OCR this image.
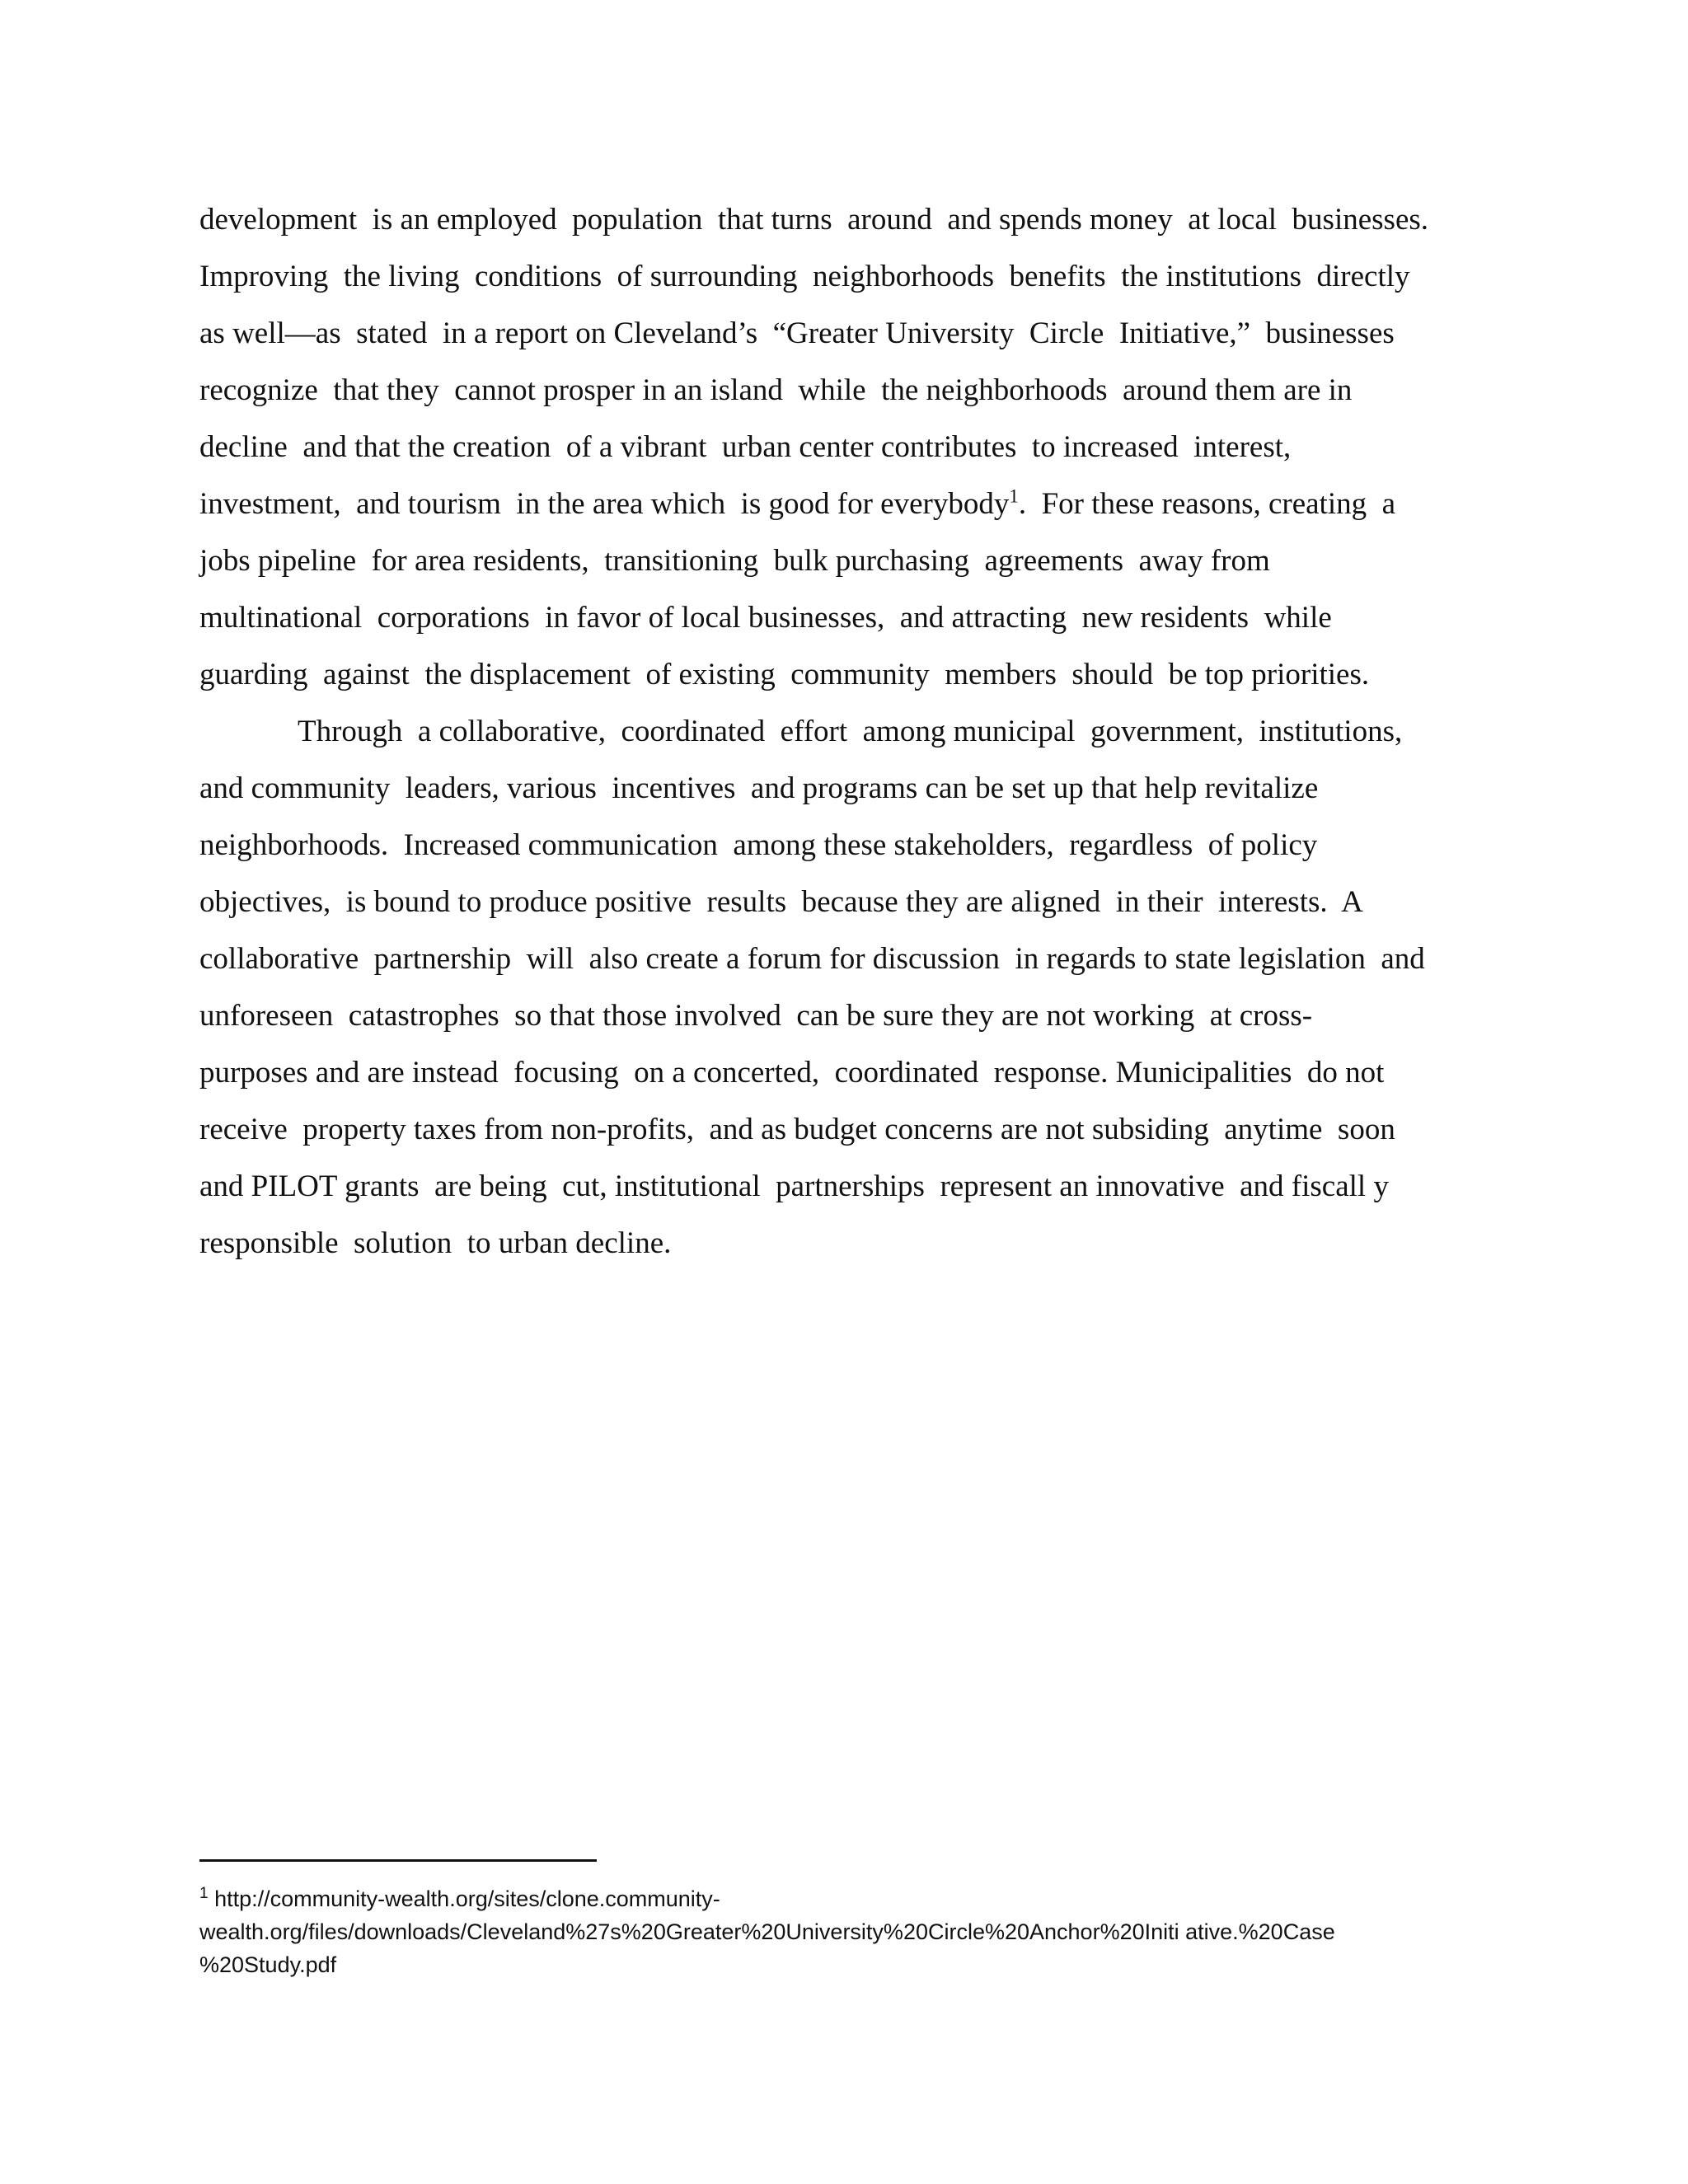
development  is an employed  population  that turns  around  and spends money  at local  businesses.
Improving  the living  conditions  of surrounding  neighborhoods  benefits  the institutions  directly
as well—as  stated  in a report on Cleveland’s  “Greater University  Circle  Initiative,”  businesses
recognize  that they  cannot prosper in an island  while  the neighborhoods  around them are in
decline  and that the creation  of a vibrant  urban center contributes  to increased  interest,
investment,  and tourism  in the area which  is good for everybody$^1$.  For these reasons, creating  a
jobs pipeline  for area residents,  transitioning  bulk purchasing  agreements  away from
multinational  corporations  in favor of local businesses,  and attracting  new residents  while
guarding  against  the displacement  of existing  community  members  should  be top priorities.
Through  a collaborative,  coordinated  effort  among municipal  government,  institutions,
and community  leaders, various  incentives  and programs can be set up that help revitalize
neighborhoods.  Increased communication  among these stakeholders,  regardless  of policy
objectives,  is bound to produce positive  results  because they are aligned  in their  interests.  A
collaborative  partnership  will  also create a forum for discussion  in regards to state legislation  and
unforeseen  catastrophes  so that those involved  can be sure they are not working  at cross-
purposes and are instead  focusing  on a concerted,  coordinated  response. Municipalities  do not
receive  property taxes from non-profits,  and as budget concerns are not subsiding  anytime  soon
and PILOT grants  are being  cut, institutional  partnerships  represent an innovative  and fiscall y
responsible  solution  to urban decline.
$^1$ http://community-wealth.org/sites/clone.community-
wealth.org/files/downloads/Cleveland%27s%20Greater%20University%20Circle%20Anchor%20Initi ative.%20Case
%20Study.pdf
